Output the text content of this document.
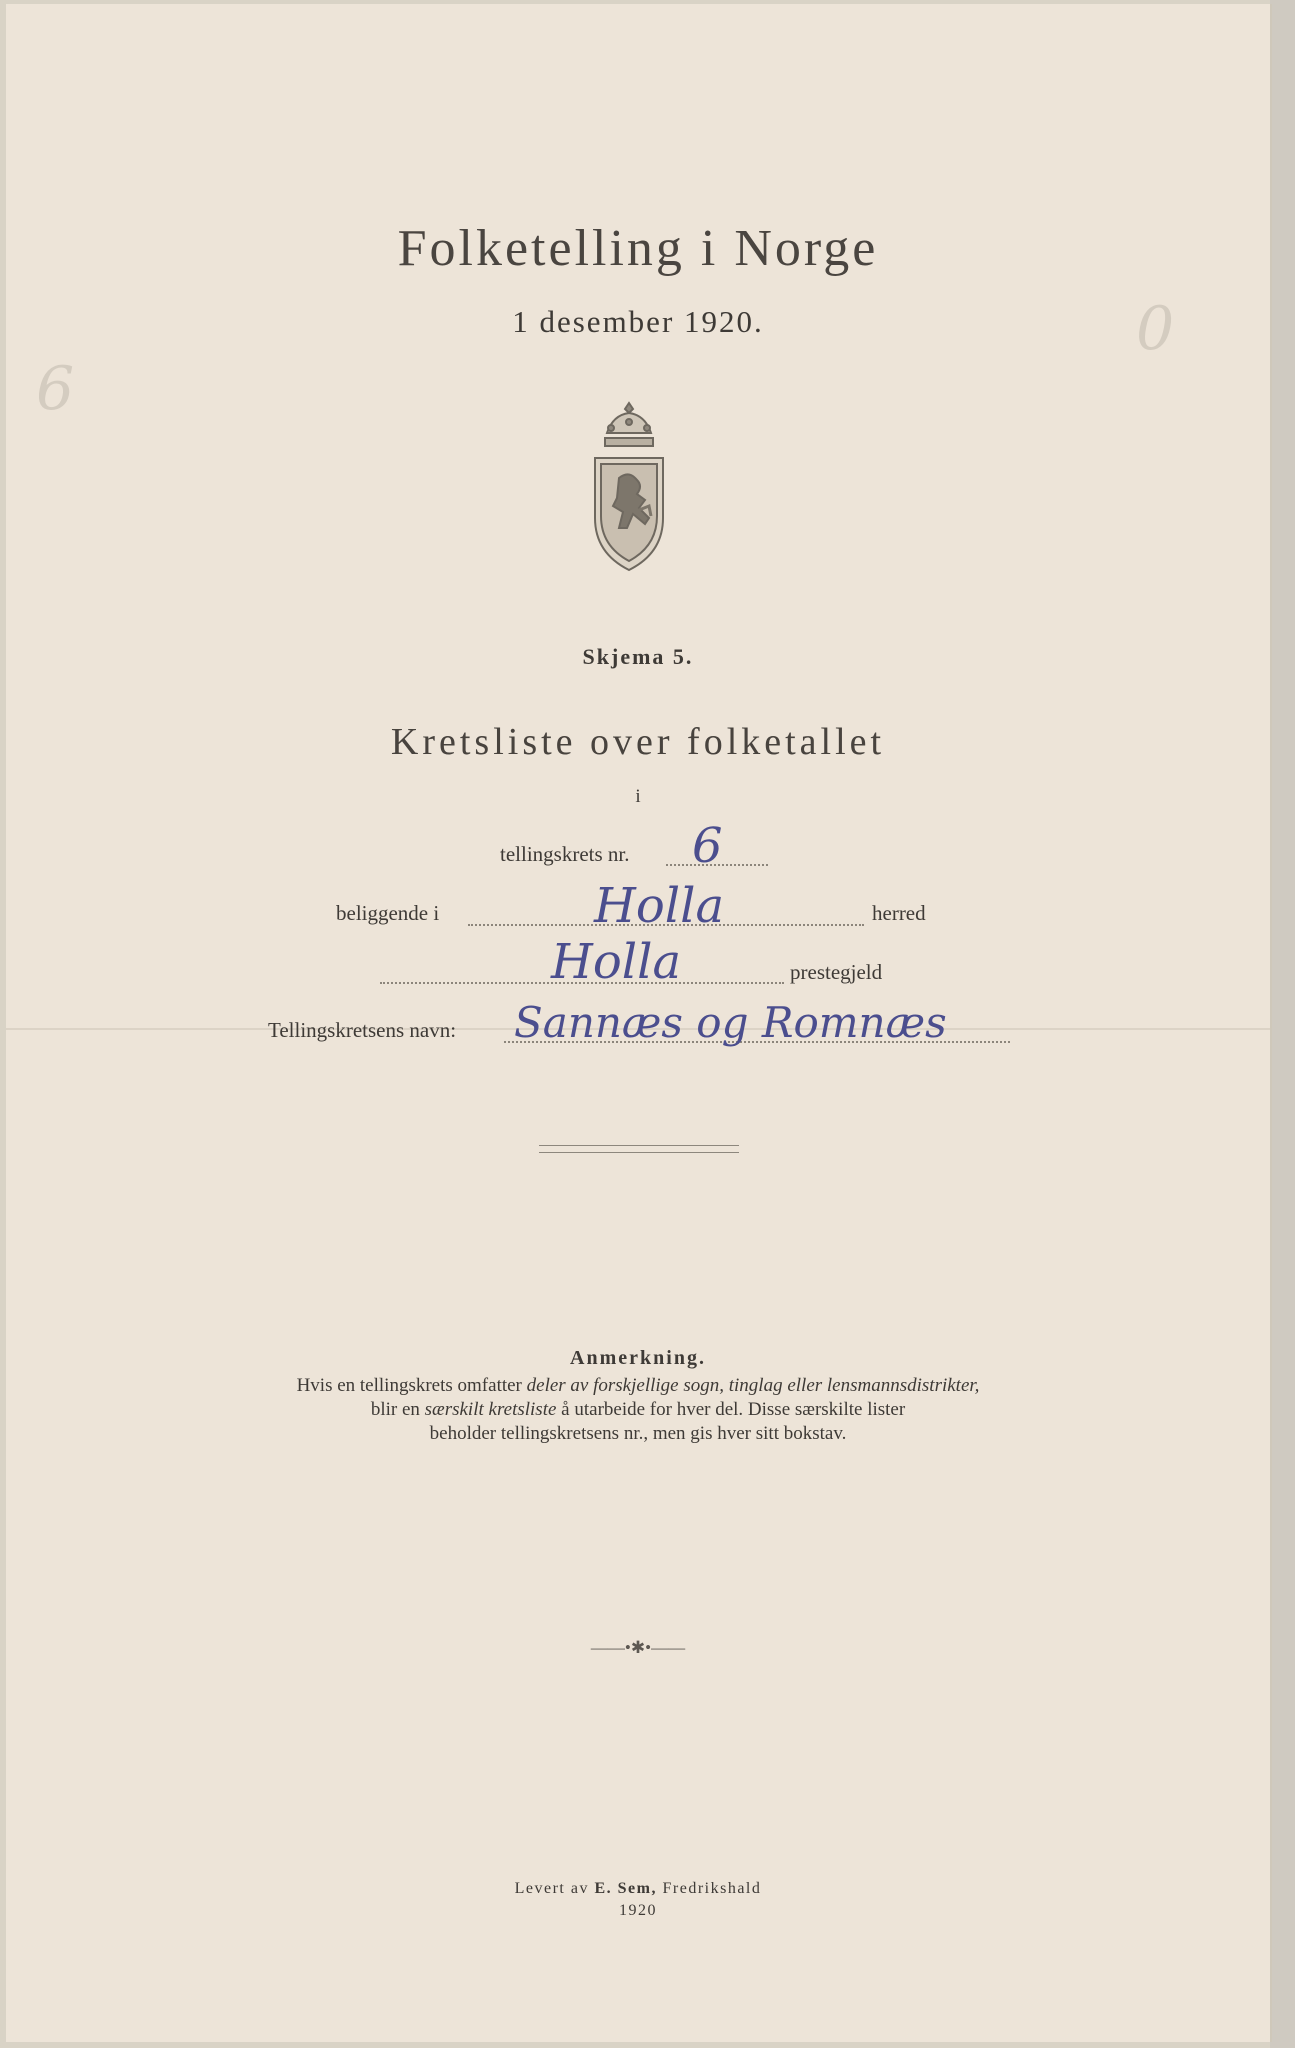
0
6
Folketelling i Norge
1 desember 1920.
Skjema 5.
Kretsliste over folketallet
i
tellingskrets nr. 6
beliggende i	Holla	herred
Holla	prestegjeld
Tellingskretsens navn: Sannæs og Romnæs
Anmerkning.
Hvis en tellingskrets omfatter deler av forskjellige sogn, tinglag eller lensmannsdistrikter,
blir en særskilt kretsliste å utarbeide for hver del. Disse særskilte lister
beholder tellingskretsens nr., men gis hver sitt bokstav.
——•✱•——
Levert av E. Sem, Fredrikshald
1920
